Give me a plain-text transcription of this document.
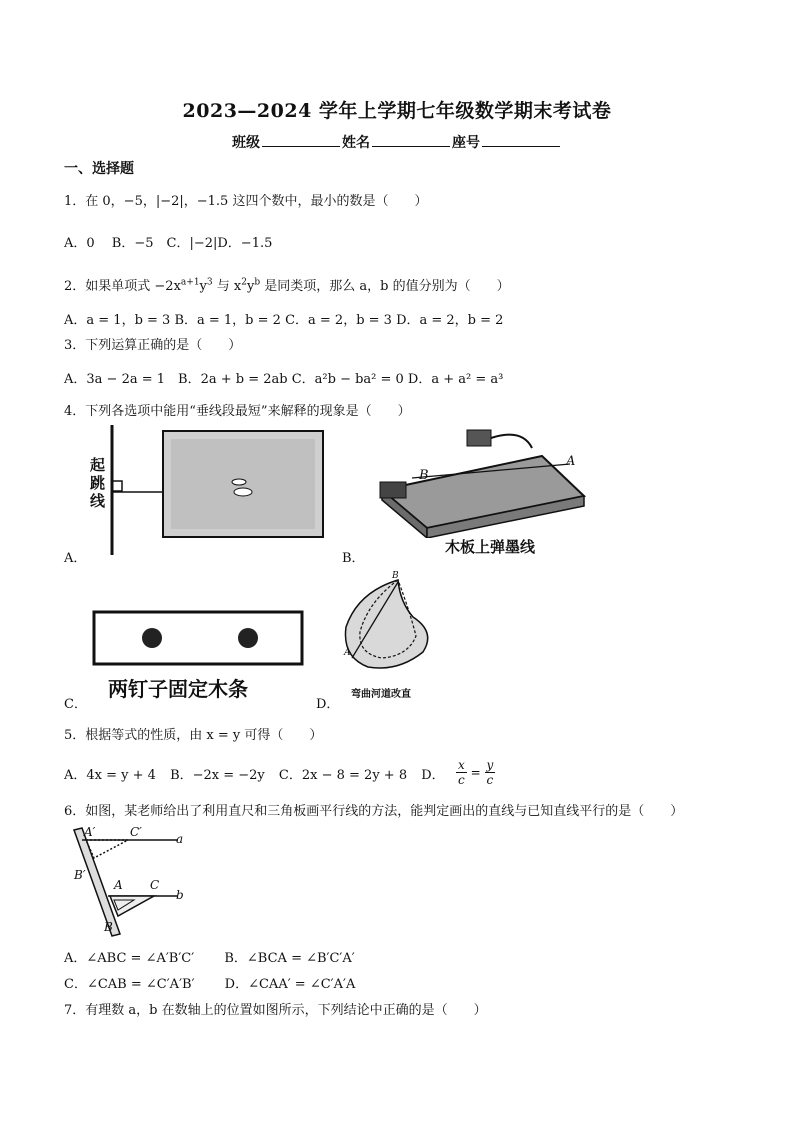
2023—2024 学年上学期七年级数学期末考试卷
班级	姓名	座号
一、选择题
1．在 0，−5，|−2|，−1.5 这四个数中，最小的数是（　　）
A．0　 B．−5　C．|−2|D．−1.5
2．如果单项式 $-2x^{a+1}y^3$ 与 $x^2y^b$ 是同类项，那么 a，b 的值分别为（　　）
A．a = 1，b = 3 B．a = 1，b = 2 C．a = 2，b = 3 D．a = 2，b = 2
3．下列运算正确的是（　　）
A．3a − 2a = 1　B．2a + b = 2ab C．a²b − ba² = 0 D．a + a² = a³
4．下列各选项中能用“垂线段最短”来解释的现象是（　　）
起
跳
线
A．
B
A
木板上弹墨线
B．
两钉子固定木条
C．
B
A
弯曲河道改直
D．
5．根据等式的性质，由 x = y 可得（　　）
A．4x = y + 4 B．−2x = −2y C．2x − 8 = 2y + 8 D． $\frac{x}{c} = \frac{y}{c}$
6．如图，某老师给出了利用直尺和三角板画平行线的方法，能判定画出的直线与已知直线平行的是（　　）
A′	C′	a
B′
A C
b
B
A．∠ABC = ∠A′B′C′ B．∠BCA = ∠B′C′A′
C．∠CAB = ∠C′A′B′ D．∠CAA′ = ∠C′A′A
7．有理数 a，b 在数轴上的位置如图所示，下列结论中正确的是（　　）
